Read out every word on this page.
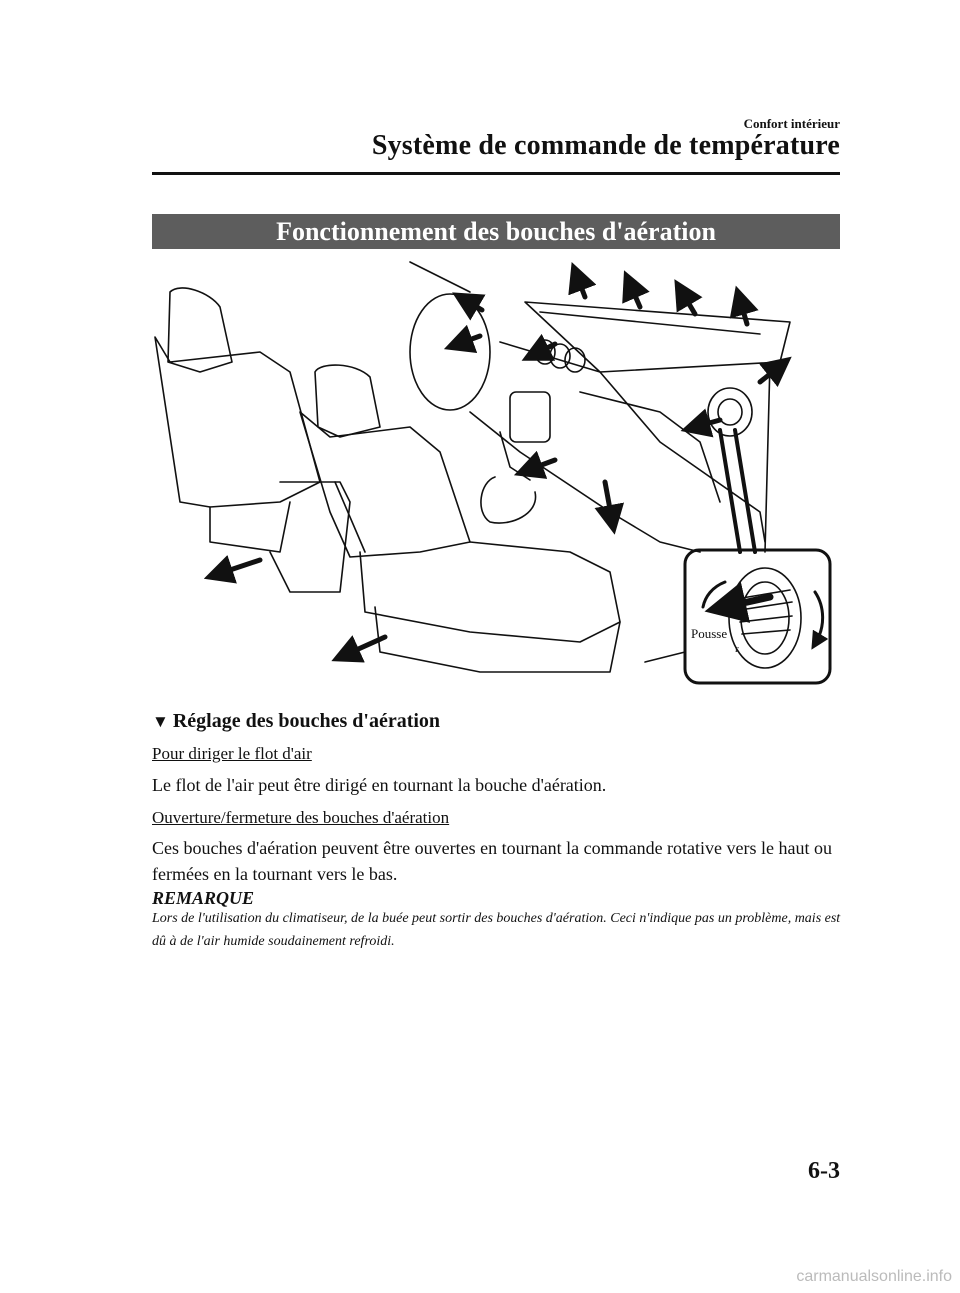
Confort intérieur
Système de commande de température
Fonctionnement des bouches d'aération
Pousse
r
▼ Réglage des bouches d'aération
Pour diriger le flot d'air
Le flot de l'air peut être dirigé en tournant la bouche d'aération.
Ouverture/fermeture des bouches d'aération
Ces bouches d'aération peuvent être ouvertes en tournant la commande rotative vers le haut ou fermées en la tournant vers le bas.
REMARQUE
Lors de l'utilisation du climatiseur, de la buée peut sortir des bouches d'aération. Ceci n'indique pas un problème, mais est dû à de l'air humide soudainement refroidi.
6-3
carmanualsonline.info
